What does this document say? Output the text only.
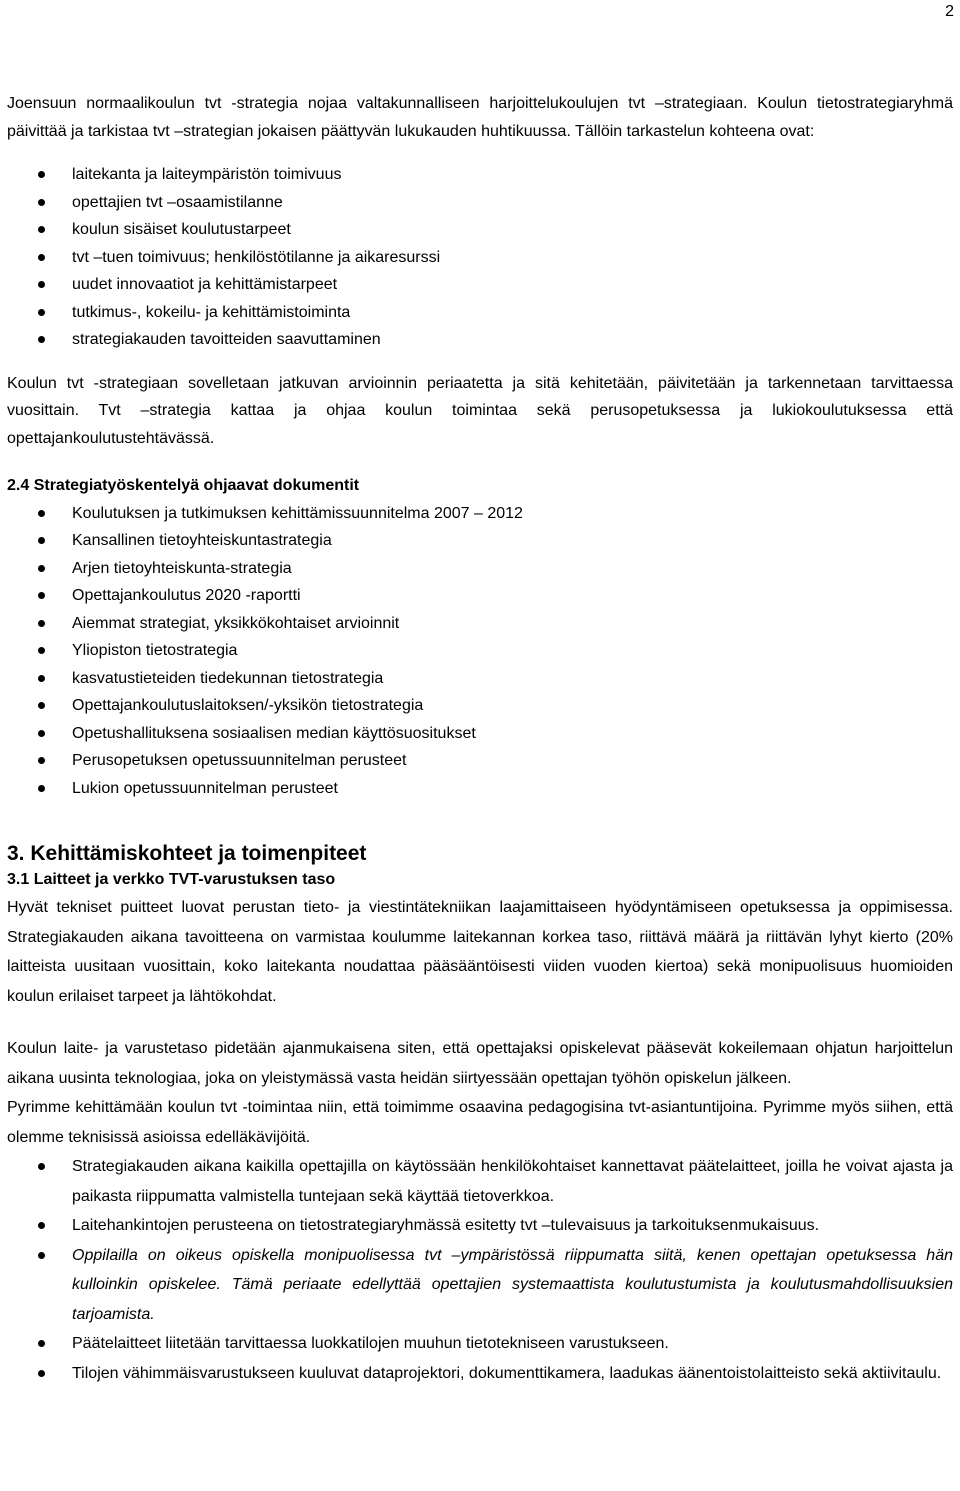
2

Joensuun normaalikoulun tvt -strategia nojaa valtakunnalliseen harjoittelukoulujen tvt –strategiaan. Koulun tietostrategiaryhmä päivittää ja tarkistaa tvt –strategian jokaisen päättyvän lukukauden huhtikuussa. Tällöin tarkastelun kohteena ovat:

laitekanta ja laiteympäristön toimivuus
opettajien tvt –osaamistilanne
koulun sisäiset koulutustarpeet
tvt –tuen toimivuus; henkilöstötilanne ja aikaresurssi
uudet innovaatiot ja kehittämistarpeet
tutkimus-, kokeilu- ja kehittämistoiminta
strategiakauden tavoitteiden saavuttaminen

Koulun tvt -strategiaan sovelletaan jatkuvan arvioinnin periaatetta ja sitä kehitetään, päivitetään ja tarkennetaan tarvittaessa vuosittain. Tvt –strategia kattaa ja ohjaa koulun toimintaa sekä perusopetuksessa ja lukiokoulutuksessa että opettajankoulutustehtävässä.

2.4 Strategiatyöskentelyä ohjaavat dokumentit

Koulutuksen ja tutkimuksen kehittämissuunnitelma 2007 – 2012
Kansallinen tietoyhteiskuntastrategia
Arjen tietoyhteiskunta-strategia
Opettajankoulutus 2020 -raportti
Aiemmat strategiat, yksikkökohtaiset arvioinnit
Yliopiston tietostrategia
kasvatustieteiden tiedekunnan tietostrategia
Opettajankoulutuslaitoksen/-yksikön tietostrategia
Opetushallituksena sosiaalisen median käyttösuositukset
Perusopetuksen opetussuunnitelman perusteet
Lukion opetussuunnitelman perusteet

3. Kehittämiskohteet ja toimenpiteet

3.1 Laitteet ja verkko TVT-varustuksen taso

Hyvät tekniset puitteet luovat perustan tieto- ja viestintätekniikan laajamittaiseen hyödyntämiseen opetuksessa ja oppimisessa. Strategiakauden aikana tavoitteena on varmistaa koulumme laitekannan korkea taso, riittävä määrä ja riittävän lyhyt kierto (20% laitteista uusitaan vuosittain, koko laitekanta noudattaa pääsääntöisesti viiden vuoden kiertoa) sekä monipuolisuus huomioiden koulun erilaiset tarpeet ja lähtökohdat.

Koulun laite- ja varustetaso pidetään ajanmukaisena siten, että opettajaksi opiskelevat pääsevät kokeilemaan ohjatun harjoittelun aikana uusinta teknologiaa, joka on yleistymässä vasta heidän siirtyessään opettajan työhön opiskelun jälkeen.

Pyrimme kehittämään koulun tvt -toimintaa niin, että toimimme osaavina pedagogisina tvt-asiantuntijoina. Pyrimme myös siihen, että olemme teknisissä asioissa edelläkävijöitä.

Strategiakauden aikana kaikilla opettajilla on käytössään henkilökohtaiset kannettavat päätelaitteet, joilla he voivat ajasta ja paikasta riippumatta valmistella tuntejaan sekä käyttää tietoverkkoa.
Laitehankintojen perusteena on tietostrategiaryhmässä esitetty tvt –tulevaisuus ja tarkoituksenmukaisuus.
Oppilailla on oikeus opiskella monipuolisessa tvt –ympäristössä riippumatta siitä, kenen opettajan opetuksessa hän kulloinkin opiskelee. Tämä periaate edellyttää opettajien systemaattista koulutustumista ja koulutusmahdollisuuksien tarjoamista.
Päätelaitteet liitetään tarvittaessa luokkatilojen muuhun tietotekniseen varustukseen.
Tilojen vähimmäisvarustukseen kuuluvat dataprojektori, dokumenttikamera, laadukas äänentoistolaitteisto sekä aktiivitaulu.
